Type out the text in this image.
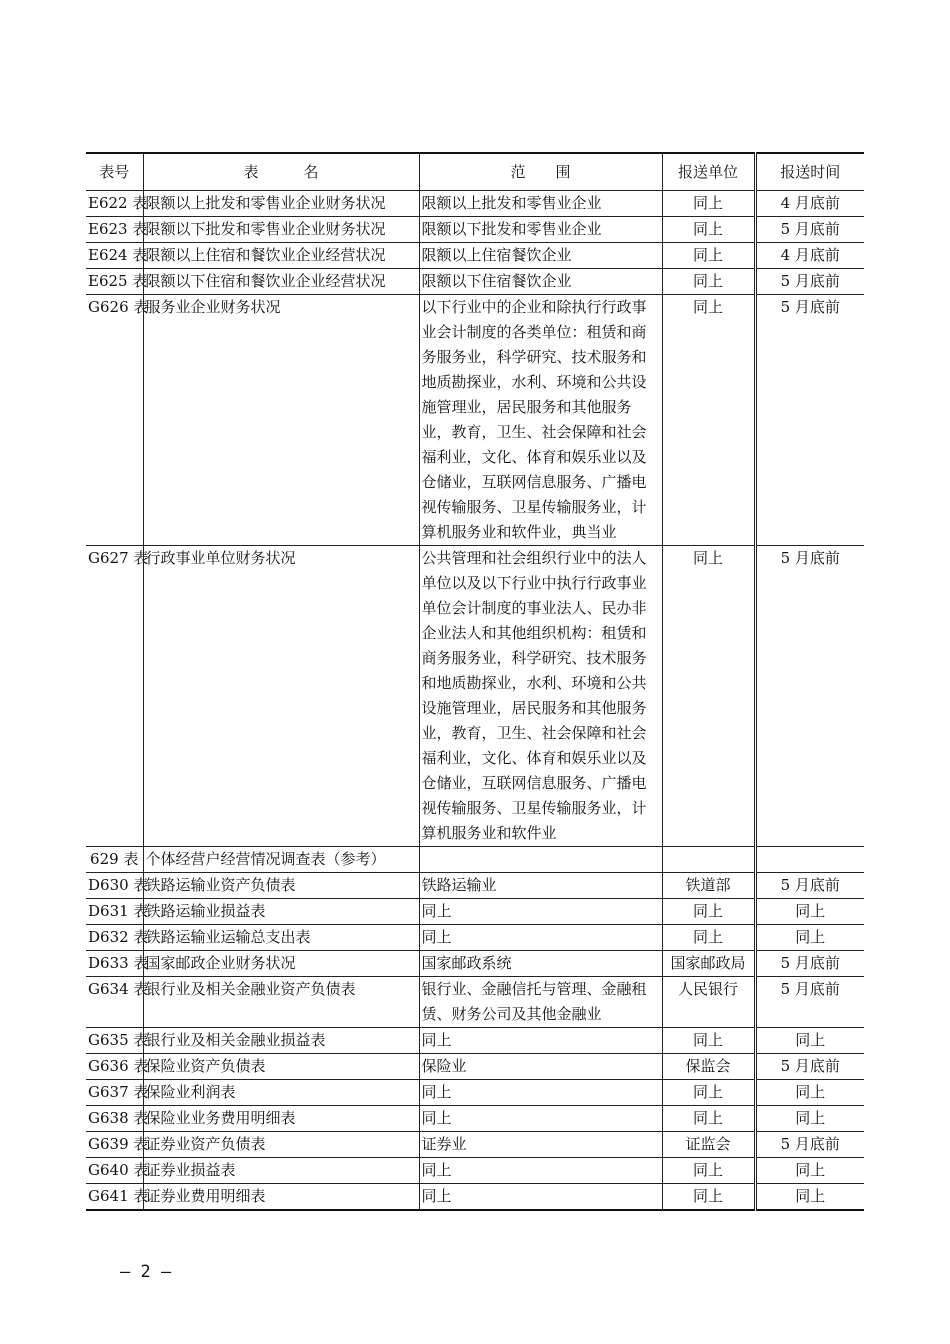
表号	表　　　名	范　　围	报送单位	报送时间
E622 表	限额以上批发和零售业企业财务状况	限额以上批发和零售业企业	同上	4 月底前
E623 表	限额以下批发和零售业企业财务状况	限额以下批发和零售业企业	同上	5 月底前
E624 表	限额以上住宿和餐饮业企业经营状况	限额以上住宿餐饮企业	同上	4 月底前
E625 表	限额以下住宿和餐饮业企业经营状况	限额以下住宿餐饮企业	同上	5 月底前
G626 表	服务业企业财务状况	以下行业中的企业和除执行行政事业会计制度的各类单位：租赁和商务服务业，科学研究、技术服务和地质勘探业，水利、环境和公共设施管理业，居民服务和其他服务业，教育，卫生、社会保障和社会福利业，文化、体育和娱乐业以及仓储业，互联网信息服务、广播电视传输服务、卫星传输服务业，计算机服务业和软件业，典当业	同上	5 月底前
G627 表	行政事业单位财务状况	公共管理和社会组织行业中的法人单位以及以下行业中执行行政事业单位会计制度的事业法人、民办非企业法人和其他组织机构：租赁和商务服务业，科学研究、技术服务和地质勘探业，水利、环境和公共设施管理业，居民服务和其他服务业，教育，卫生、社会保障和社会福利业，文化、体育和娱乐业以及仓储业，互联网信息服务、广播电视传输服务、卫星传输服务业，计算机服务业和软件业	同上	5 月底前
629 表	个体经营户经营情况调查表（参考）			
D630 表	铁路运输业资产负债表	铁路运输业	铁道部	5 月底前
D631 表	铁路运输业损益表	同上	同上	同上
D632 表	铁路运输业运输总支出表	同上	同上	同上
D633 表	国家邮政企业财务状况	国家邮政系统	国家邮政局	5 月底前
G634 表	银行业及相关金融业资产负债表	银行业、金融信托与管理、金融租赁、财务公司及其他金融业	人民银行	5 月底前
G635 表	银行业及相关金融业损益表	同上	同上	同上
G636 表	保险业资产负债表	保险业	保监会	5 月底前
G637 表	保险业利润表	同上	同上	同上
G638 表	保险业业务费用明细表	同上	同上	同上
G639 表	证券业资产负债表	证券业	证监会	5 月底前
G640 表	证券业损益表	同上	同上	同上
G641 表	证券业费用明细表	同上	同上	同上
— 2 —
